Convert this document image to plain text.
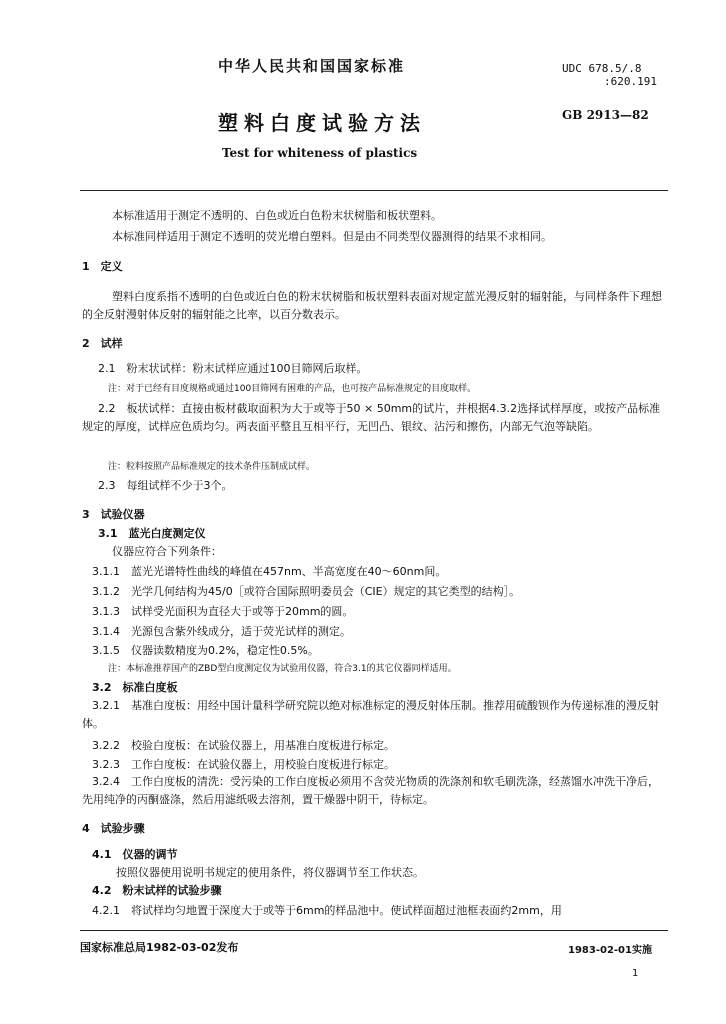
中华人民共和国国家标准
塑料白度试验方法
Test for whiteness of plastics
UDC 678.5/.8
:620.191
GB 2913—82
本标准适用于测定不透明的、白色或近白色粉末状树脂和板状塑料。
本标准同样适用于测定不透明的荧光增白塑料。但是由不同类型仪器测得的结果不求相同。
1　定义
塑料白度系指不透明的白色或近白色的粉末状树脂和板状塑料表面对规定蓝光漫反射的辐射能，与同样条件下理想的全反射漫射体反射的辐射能之比率，以百分数表示。
2　试样
2.1　粉末状试样：粉末试样应通过100目筛网后取样。
注：对于已经有目度规格或通过100目筛网有困难的产品，也可按产品标准规定的目度取样。
2.2　板状试样：直接由板材截取面积为大于或等于50 × 50mm的试片，并根据4.3.2选择试样厚度，或按产品标准规定的厚度，试样应色质均匀。两表面平整且互相平行，无凹凸、银纹、沾污和擦伤，内部无气泡等缺陷。
注：粒料按照产品标准规定的技术条件压制成试样。
2.3　每组试样不少于3个。
3　试验仪器
3.1　蓝光白度测定仪
仪器应符合下列条件：
3.1.1　蓝光光谱特性曲线的峰值在457nm、半高宽度在40～60nm间。
3.1.2　光学几何结构为45/0［或符合国际照明委员会（CIE）规定的其它类型的结构］。
3.1.3　试样受光面积为直径大于或等于20mm的圆。
3.1.4　光源包含紫外线成分，适于荧光试样的测定。
3.1.5　仪器读数精度为0.2%，稳定性0.5%。
注：本标准推荐国产的ZBD型白度测定仪为试验用仪器，符合3.1的其它仪器同样适用。
3.2　标准白度板
3.2.1　基准白度板：用经中国计量科学研究院以绝对标准标定的漫反射体压制。推荐用硫酸钡作为传递标准的漫反射体。
3.2.2　校验白度板：在试验仪器上，用基准白度板进行标定。
3.2.3　工作白度板：在试验仪器上，用校验白度板进行标定。
3.2.4　工作白度板的清洗：受污染的工作白度板必须用不含荧光物质的洗涤剂和软毛刷洗涤，经蒸馏水冲洗干净后，先用纯净的丙酮盛涤，然后用滤纸吸去溶剂，置干燥器中阴干，待标定。
4　试验步骤
4.1　仪器的调节
按照仪器使用说明书规定的使用条件，将仪器调节至工作状态。
4.2　粉末试样的试验步骤
4.2.1　将试样均匀地置于深度大于或等于6mm的样品池中。使试样面超过池框表面约2mm，用
国家标准总局1982-03-02发布	1983-02-01实施
1
